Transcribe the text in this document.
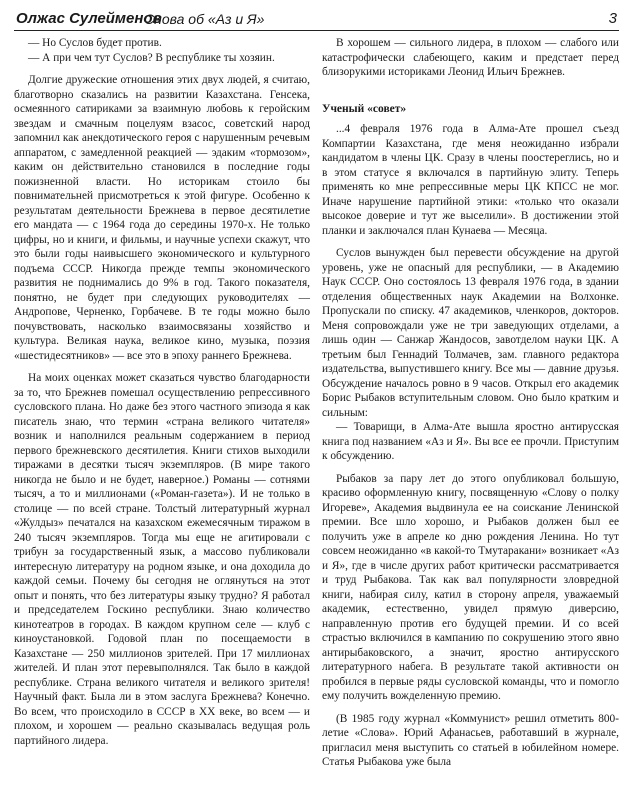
Олжас Сулейменов
Снова об «Аз и Я»	3

— Но Суслов будет против.

— А при чем тут Суслов? В республике ты хозяин.

Долгие дружеские отношения этих двух людей, я считаю, благотворно сказались на развитии Казахстана. Генсека, осмеянного сатириками за взаимную любовь к геройским звездам и смачным поцелуям взасос, советский народ запомнил как анекдотического героя с нарушенным речевым аппаратом, с замедленной реакцией — эдаким «тормозом», каким он действительно становился в последние годы пожизненной власти. Но историкам стоило бы повнимательней присмотреться к этой фигуре. Особенно к результатам деятельности Брежнева в первое десятилетие его мандата — с 1964 года до середины 1970-х. Не только цифры, но и книги, и фильмы, и научные успехи скажут, что это были годы наивысшего экономического и культурного подъема СССР. Никогда прежде темпы экономического развития не поднимались до 9% в год. Такого показателя, понятно, не будет при следующих руководителях — Андропове, Черненко, Горбачеве. В те годы можно было почувствовать, насколько взаимосвязаны хозяйство и культура. Великая наука, великое кино, музыка, поэзия «шестидесятников» — все это в эпоху раннего Брежнева.

На моих оценках может сказаться чувство благодарности за то, что Брежнев помешал осуществлению репрессивного сусловского плана. Но даже без этого частного эпизода я как писатель знаю, что термин «страна великого читателя» возник и наполнился реальным содержанием в период первого брежневского десятилетия. Книги стихов выходили тиражами в десятки тысяч экземпляров. (В мире такого никогда не было и не будет, наверное.) Романы — сотнями тысяч, а то и миллионами («Роман-газета»). И не только в столице — по всей стране. Толстый литературный журнал «Жулдыз» печатался на казахском ежемесячным тиражом в 240 тысяч экземпляров. Тогда мы еще не агитировали с трибун за государственный язык, а массово публиковали интересную литературу на родном языке, и она доходила до каждой семьи. Почему бы сегодня не оглянуться на этот опыт и понять, что без литературы языку трудно? Я работал и председателем Госкино республики. Знаю количество кинотеатров в городах. В каждом крупном селе — клуб с киноустановкой. Годовой план по посещаемости в Казахстане — 250 миллионов зрителей. При 17 миллионах жителей. И план этот перевыполнялся. Так было в каждой республике. Страна великого читателя и великого зрителя! Научный факт. Была ли в этом заслуга Брежнева? Конечно. Во всем, что происходило в СССР в XX веке, во всем — и плохом, и хорошем — реально сказывалась ведущая роль партийного лидера.

В хорошем — сильного лидера, в плохом — слабого или катастрофически слабеющего, каким и предстает перед близорукими историками Леонид Ильич Брежнев.

Ученый «совет»

...4 февраля 1976 года в Алма-Ате прошел съезд Компартии Казахстана, где меня неожиданно избрали кандидатом в члены ЦК. Сразу в члены поостерeглись, но и в этом статусе я включался в партийную элиту. Теперь применять ко мне репрессивные меры ЦК КПСС не мог. Иначе нарушение партийной этики: «только что оказали высокое доверие и тут же выселили». В достижении этой планки и заключался план Кунаева — Месяца.

Суслов вынужден был перевести обсуждение на другой уровень, уже не опасный для республики, — в Академию Наук СССР. Оно состоялось 13 февраля 1976 года, в здании отделения общественных наук Академии на Волхонке. Пропускали по списку. 47 академиков, членкоров, докторов. Меня сопровождали уже не три заведующих отделами, а лишь один — Санжар Жандосов, завотделом науки ЦК. А третьим был Геннадий Толмачев, зам. главного редактора издательства, выпустившего книгу. Все мы — давние друзья. Обсуждение началось ровно в 9 часов. Открыл его академик Борис Рыбаков вступительным словом. Оно было кратким и сильным:

— Товарищи, в Алма-Ате вышла яростно антирусская книга под названием «Аз и Я». Вы все ее прочли. Приступим к обсуждению.

Рыбаков за пару лет до этого опубликовал большую, красиво оформленную книгу, посвященную «Слову о полку Игореве», Академия выдвинула ее на соискание Ленинской премии. Все шло хорошо, и Рыбаков должен был ее получить уже в апреле ко дню рождения Ленина. Но тут совсем неожиданно «в какой-то Тмутаракани» возникает «Аз и Я», где в числе других работ критически рассматривается и труд Рыбакова. Так как вал популярности зловредной книги, набирая силу, катил в сторону апреля, уважаемый академик, естественно, увидел прямую диверсию, направленную против его будущей премии. И со всей страстью включился в кампанию по сокрушению этого явно антирыбаковского, а значит, яростно антирусского литературного набега. В результате такой активности он пробился в первые ряды сусловской команды, что и помогло ему получить вожделенную премию.

(В 1985 году журнал «Коммунист» решил отметить 800-летие «Слова». Юрий Афанасьев, работавший в журнале, пригласил меня выступить со статьей в юбилейном номере. Статья Рыбакова уже была
